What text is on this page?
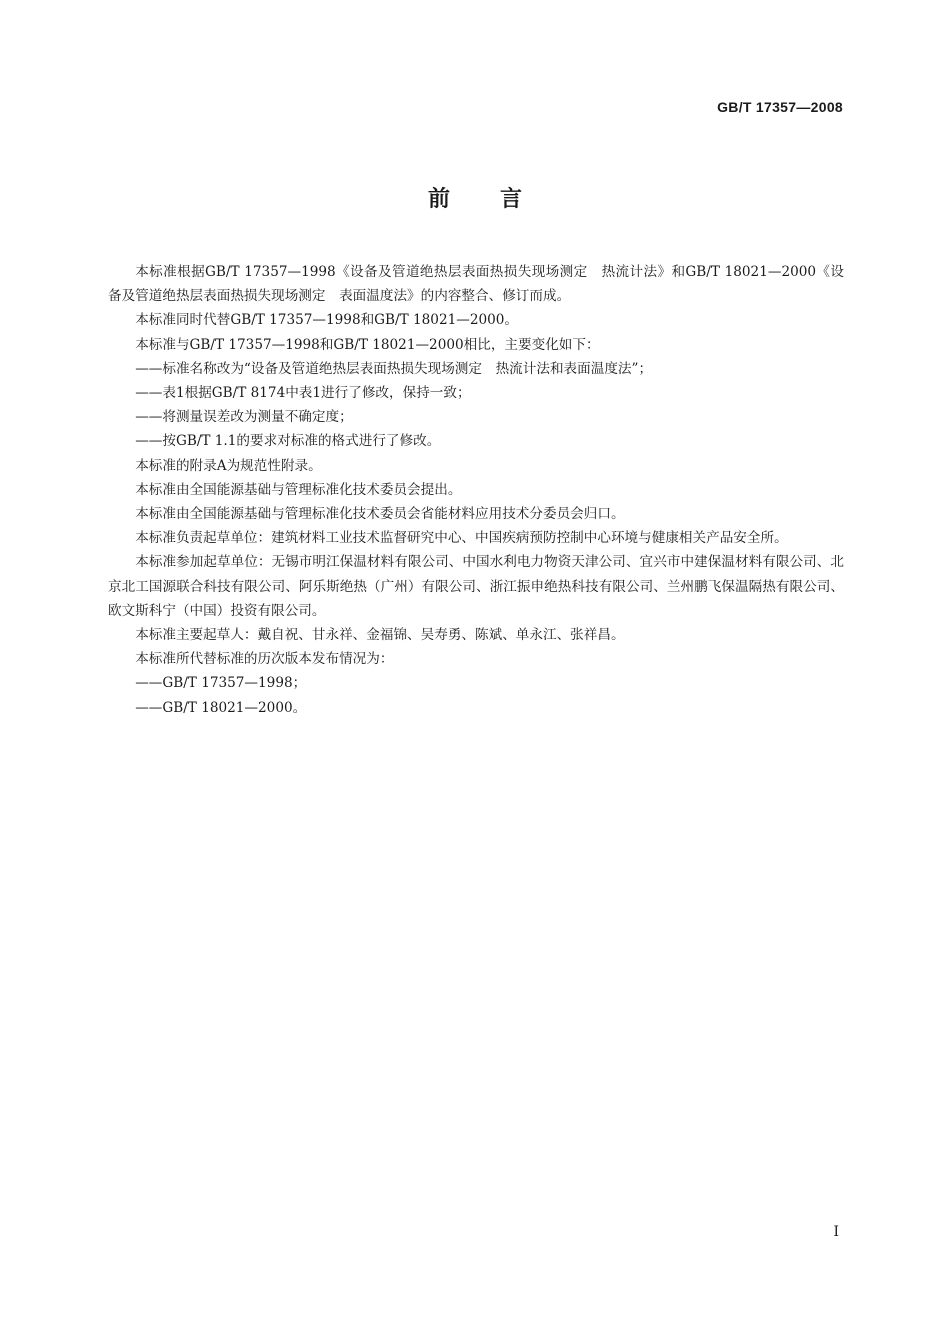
GB/T 17357—2008
前言

本标准根据GB/T 17357—1998《设备及管道绝热层表面热损失现场测定　热流计法》和GB/T 18021—2000《设备及管道绝热层表面热损失现场测定　表面温度法》的内容整合、修订而成。

本标准同时代替GB/T 17357—1998和GB/T 18021—2000。

本标准与GB/T 17357—1998和GB/T 18021—2000相比，主要变化如下：

——标准名称改为“设备及管道绝热层表面热损失现场测定　热流计法和表面温度法”；

——表1根据GB/T 8174中表1进行了修改，保持一致；

——将测量误差改为测量不确定度；

——按GB/T 1.1的要求对标准的格式进行了修改。

本标准的附录A为规范性附录。

本标准由全国能源基础与管理标准化技术委员会提出。

本标准由全国能源基础与管理标准化技术委员会省能材料应用技术分委员会归口。

本标准负责起草单位：建筑材料工业技术监督研究中心、中国疾病预防控制中心环境与健康相关产品安全所。

本标准参加起草单位：无锡市明江保温材料有限公司、中国水利电力物资天津公司、宜兴市中建保温材料有限公司、北京北工国源联合科技有限公司、阿乐斯绝热（广州）有限公司、浙江振申绝热科技有限公司、兰州鹏飞保温隔热有限公司、欧文斯科宁（中国）投资有限公司。

本标准主要起草人：戴自祝、甘永祥、金福锦、吴寿勇、陈斌、单永江、张祥昌。

本标准所代替标准的历次版本发布情况为：

——GB/T 17357—1998；

——GB/T 18021—2000。

I
